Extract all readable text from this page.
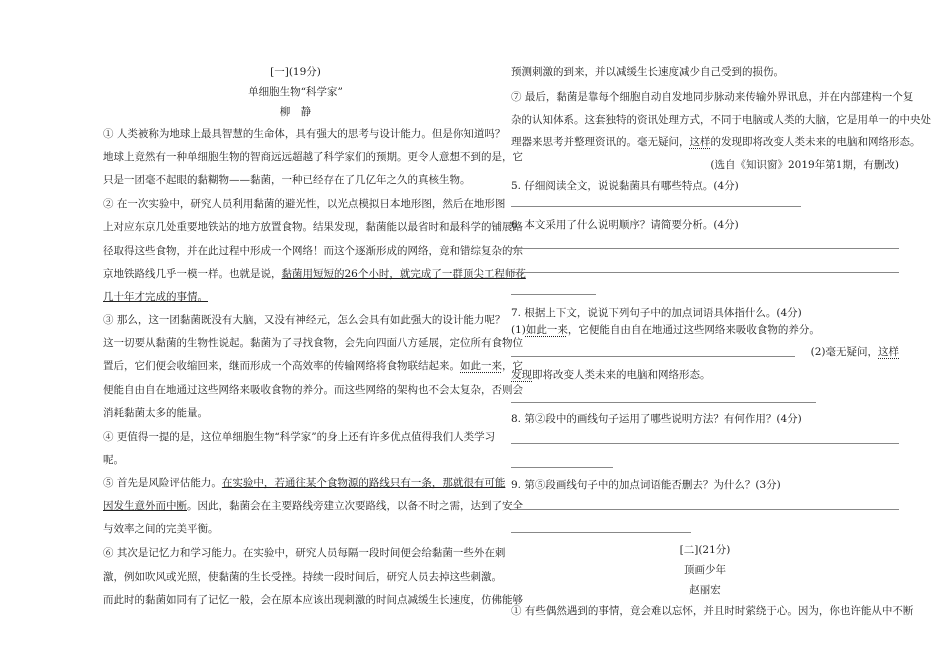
[一](19分)
单细胞生物“科学家”
柳　静
① 人类被称为地球上最具智慧的生命体，具有强大的思考与设计能力。但是你知道吗？
地球上竟然有一种单细胞生物的智商远远超越了科学家们的预期。更令人意想不到的是，它
只是一团毫不起眼的黏糊物——黏菌，一种已经存在了几亿年之久的真核生物。
② 在一次实验中，研究人员利用黏菌的避光性，以光点模拟日本地形图，然后在地形图
上对应东京几处重要地铁站的地方放置食物。结果发现，黏菌能以最省时和最科学的铺展路
径取得这些食物，并在此过程中形成一个网络！而这个逐渐形成的网络，竟和错综复杂的东
京地铁路线几乎一模一样。也就是说，黏菌用短短的26个小时，就完成了一群顶尖工程师花
几十年才完成的事情。
③ 那么，这一团黏菌既没有大脑，又没有神经元，怎么会具有如此强大的设计能力呢？
这一切要从黏菌的生物性说起。黏菌为了寻找食物，会先向四面八方延展，定位所有食物位
置后，它们便会收缩回来，继而形成一个高效率的传输网络将食物联结起来。如此一来，它
便能自由自在地通过这些网络来吸收食物的养分。而这些网络的架构也不会太复杂，否则会
消耗黏菌太多的能量。
④ 更值得一提的是，这位单细胞生物“科学家”的身上还有许多优点值得我们人类学习
呢。
⑤ 首先是风险评估能力。在实验中，若通往某个食物源的路线只有一条，那就很有可能
因发生意外而中断。因此，黏菌会在主要路线旁建立次要路线，以备不时之需，达到了安全
与效率之间的完美平衡。
⑥ 其次是记忆力和学习能力。在实验中，研究人员每隔一段时间便会给黏菌一些外在刺
激，例如吹风或光照，使黏菌的生长受挫。持续一段时间后，研究人员去掉这些刺激。
而此时的黏菌如同有了记忆一般，会在原本应该出现刺激的时间点减缓生长速度，仿佛能够
预测刺激的到来，并以减缓生长速度减少自己受到的损伤。
⑦ 最后，黏菌是靠每个细胞自动自发地同步脉动来传输外界讯息，并在内部建构一个复
杂的认知体系。这套独特的资讯处理方式，不同于电脑或人类的大脑，它是用单一的中央处
理器来思考并整理资讯的。毫无疑问，这样的发现即将改变人类未来的电脑和网络形态。
(选自《知识窗》2019年第1期，有删改)
5. 仔细阅读全文，说说黏菌具有哪些特点。(4分)
6. 本文采用了什么说明顺序？请简要分析。(4分)
7. 根据上下文，说说下列句子中的加点词语具体指什么。(4分)
(1)如此一来，它便能自由自在地通过这些网络来吸收食物的养分。
(2)毫无疑问，这样
发现即将改变人类未来的电脑和网络形态。
8. 第②段中的画线句子运用了哪些说明方法？有何作用？(4分)
9. 第⑤段画线句子中的加点词语能否删去？为什么？(3分)
[二](21分)
顶画少年
赵丽宏
① 有些偶然遇到的事情，竟会难以忘怀，并且时时萦绕于心。因为，你也许能从中不断
